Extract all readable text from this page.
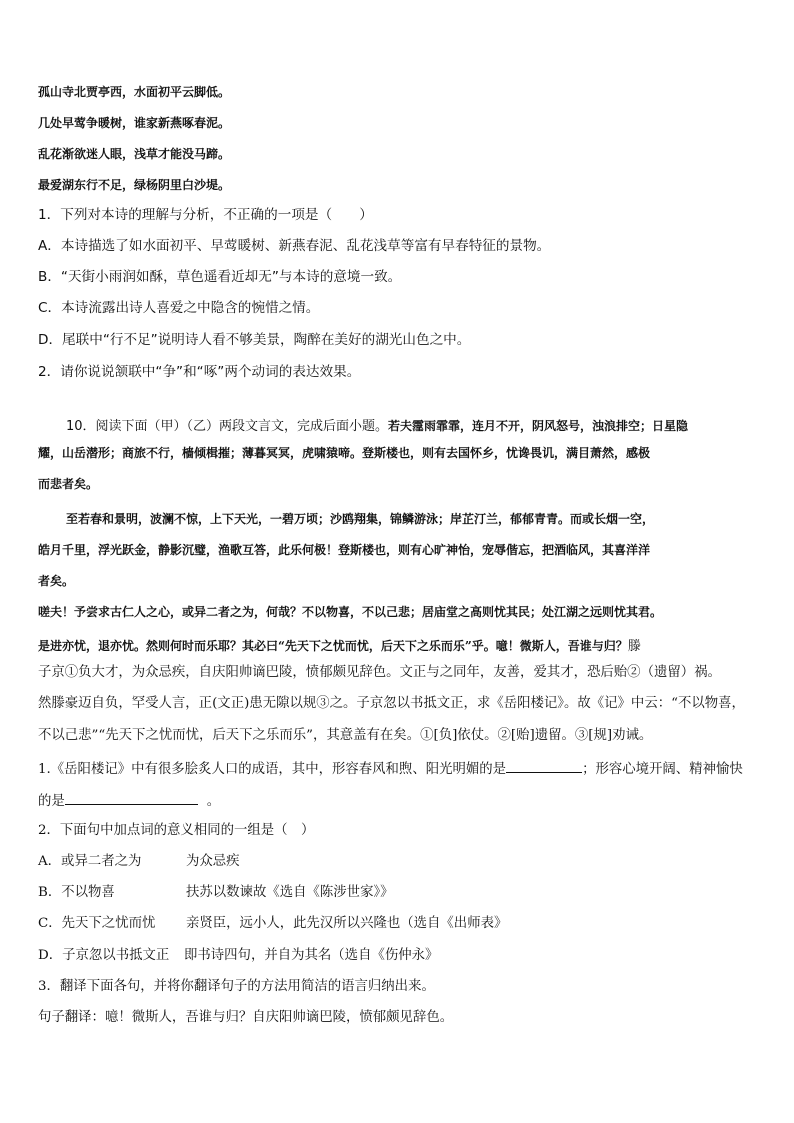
孤山寺北贾亭西，水面初平云脚低。
几处早莺争暖树，谁家新燕啄春泥。
乱花渐欲迷人眼，浅草才能没马蹄。
最爱湖东行不足，绿杨阴里白沙堤。
1．下列对本诗的理解与分析，不正确的一项是（　　）
A．本诗描选了如水面初平、早莺暖树、新燕春泥、乱花浅草等富有早春特征的景物。
B．“天街小雨润如酥，草色遥看近却无”与本诗的意境一致。
C．本诗流露出诗人喜爱之中隐含的惋惜之情。
D．尾联中“行不足”说明诗人看不够美景，陶醉在美好的湖光山色之中。
2．请你说说颔联中“争”和“啄”两个动词的表达效果。
10．阅读下面（甲）（乙）两段文言文，完成后面小题。若夫霪雨霏霏，连月不开，阴风怒号，浊浪排空；日星隐
耀，山岳潜形；商旅不行，樯倾楫摧；薄暮冥冥，虎啸猿啼。登斯楼也，则有去国怀乡，忧谗畏讥，满目萧然，感极
而悲者矣。
至若春和景明，波澜不惊，上下天光，一碧万顷；沙鸥翔集，锦鳞游泳；岸芷汀兰，郁郁青青。而或长烟一空，
皓月千里，浮光跃金，静影沉璧，渔歌互答，此乐何极！登斯楼也，则有心旷神怡，宠辱偕忘，把酒临风，其喜洋洋
者矣。
嗟夫！予尝求古仁人之心，或异二者之为，何哉？不以物喜，不以己悲；居庙堂之高则忧其民；处江湖之远则忧其君。
是进亦忧，退亦忧。然则何时而乐耶？其必曰“先天下之忧而忧，后天下之乐而乐”乎。噫！微斯人，吾谁与归？滕
子京①负大才，为众忌疾，自庆阳帅谪巴陵，愤郁颇见辞色。文正与之同年，友善，爱其才，恐后贻②（遗留）祸。
然滕豪迈自负，罕受人言，正(文正)患无隙以规③之。子京忽以书抵文正，求《岳阳楼记》。故《记》中云：“不以物喜，
不以己悲”“先天下之忧而忧，后天下之乐而乐”，其意盖有在矣。①[负]依仗。②[贻]遗留。③[规]劝诫。
1.《岳阳楼记》中有很多脍炙人口的成语，其中，形容春风和煦、阳光明媚的是	；形容心境开阔、精神愉快
的是	。
2．下面句中加点词的意义相同的一组是（　）
A．或异二者之为	为众忌疾
B．不以物喜	扶苏以数谏故《选自《陈涉世家》》
C．先天下之忧而忧 亲贤臣，远小人，此先汉所以兴隆也（选自《出师表》
D．子京忽以书抵文正 即书诗四句，并自为其名（选自《伤仲永》
3．翻译下面各句，并将你翻译句子的方法用简洁的语言归纳出来。
句子翻译：噫！微斯人，吾谁与归？自庆阳帅谪巴陵，愤郁颇见辞色。
